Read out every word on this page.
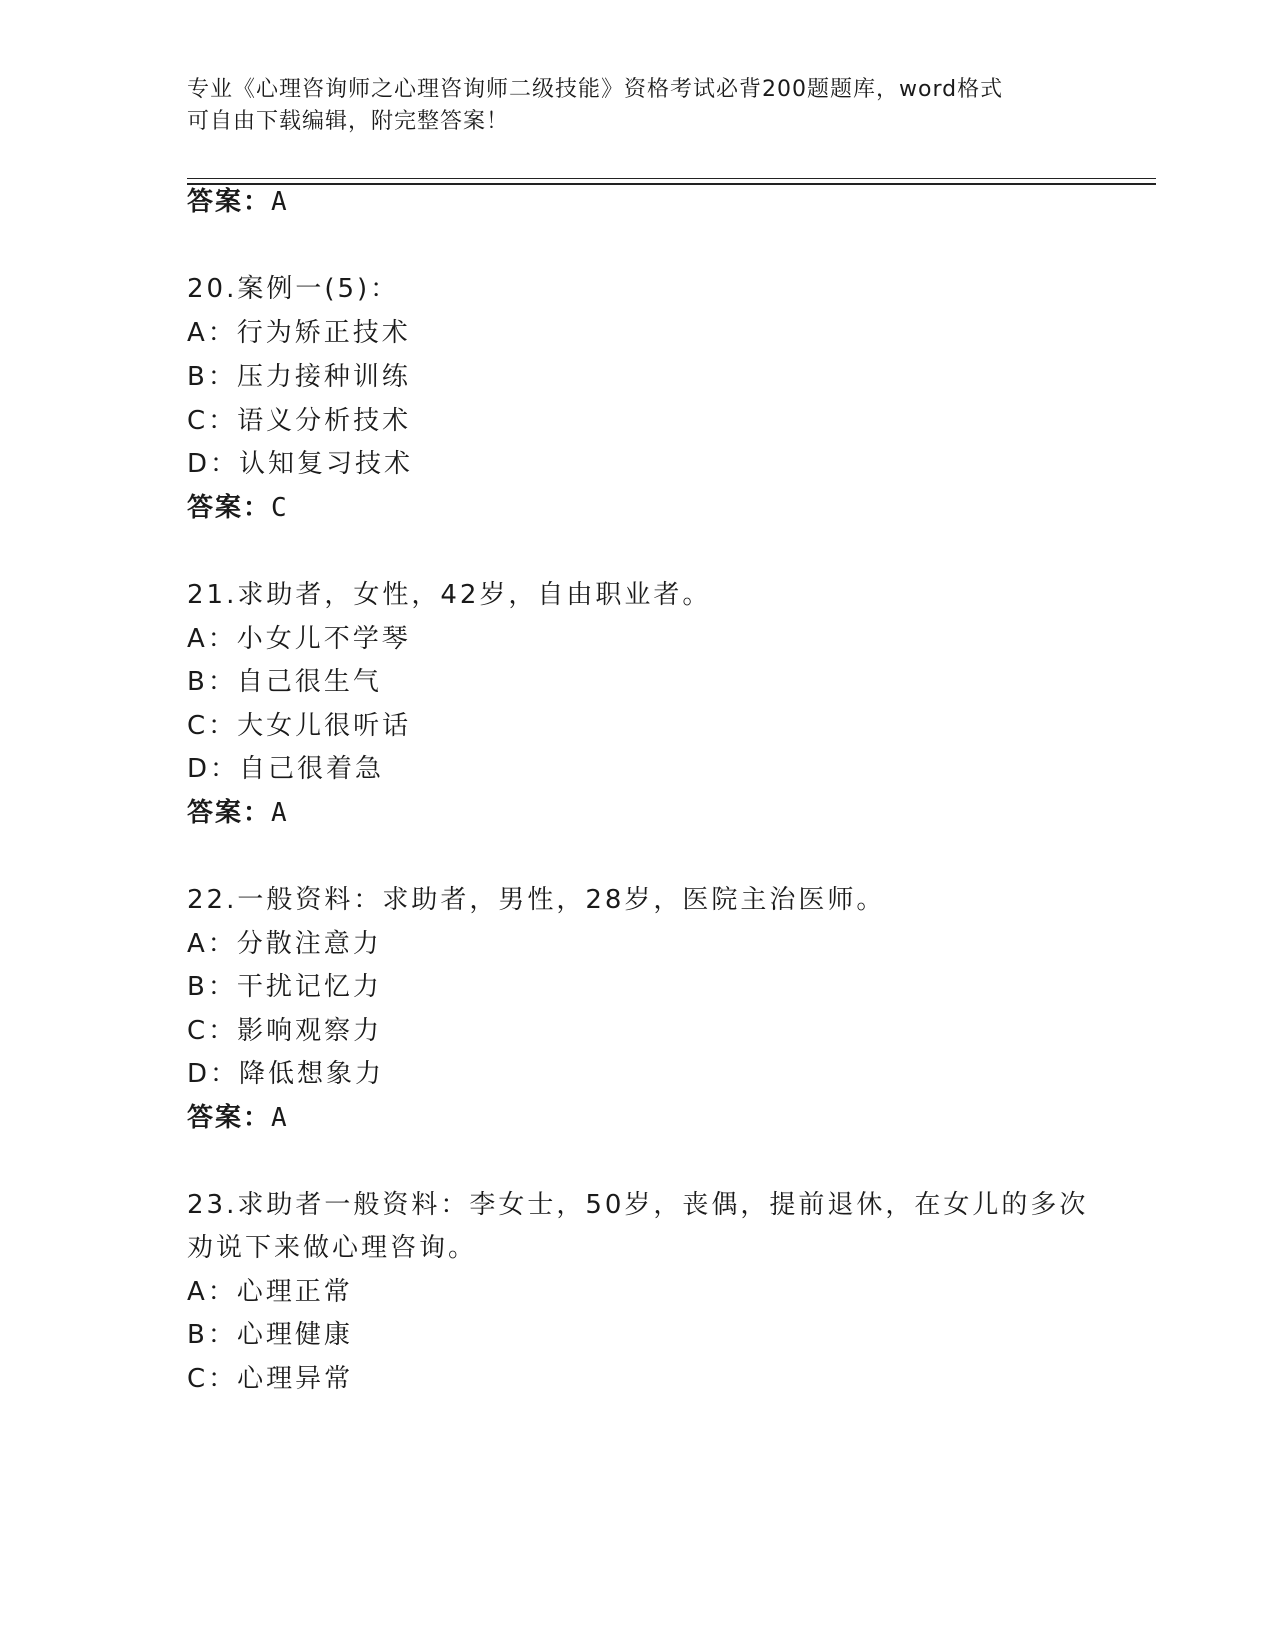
专业《心理咨询师之心理咨询师二级技能》资格考试必背200题题库，word格式
可自由下载编辑，附完整答案！
答案：A
20.案例一(5)：
A：行为矫正技术
B：压力接种训练
C：语义分析技术
D：认知复习技术
答案：C
21.求助者，女性，42岁，自由职业者。
A：小女儿不学琴
B：自己很生气
C：大女儿很听话
D：自己很着急
答案：A
22.一般资料：求助者，男性，28岁，医院主治医师。
A：分散注意力
B：干扰记忆力
C：影响观察力
D：降低想象力
答案：A
23.求助者一般资料：李女士，50岁，丧偶，提前退休，在女儿的多次
劝说下来做心理咨询。
A：心理正常
B：心理健康
C：心理异常
